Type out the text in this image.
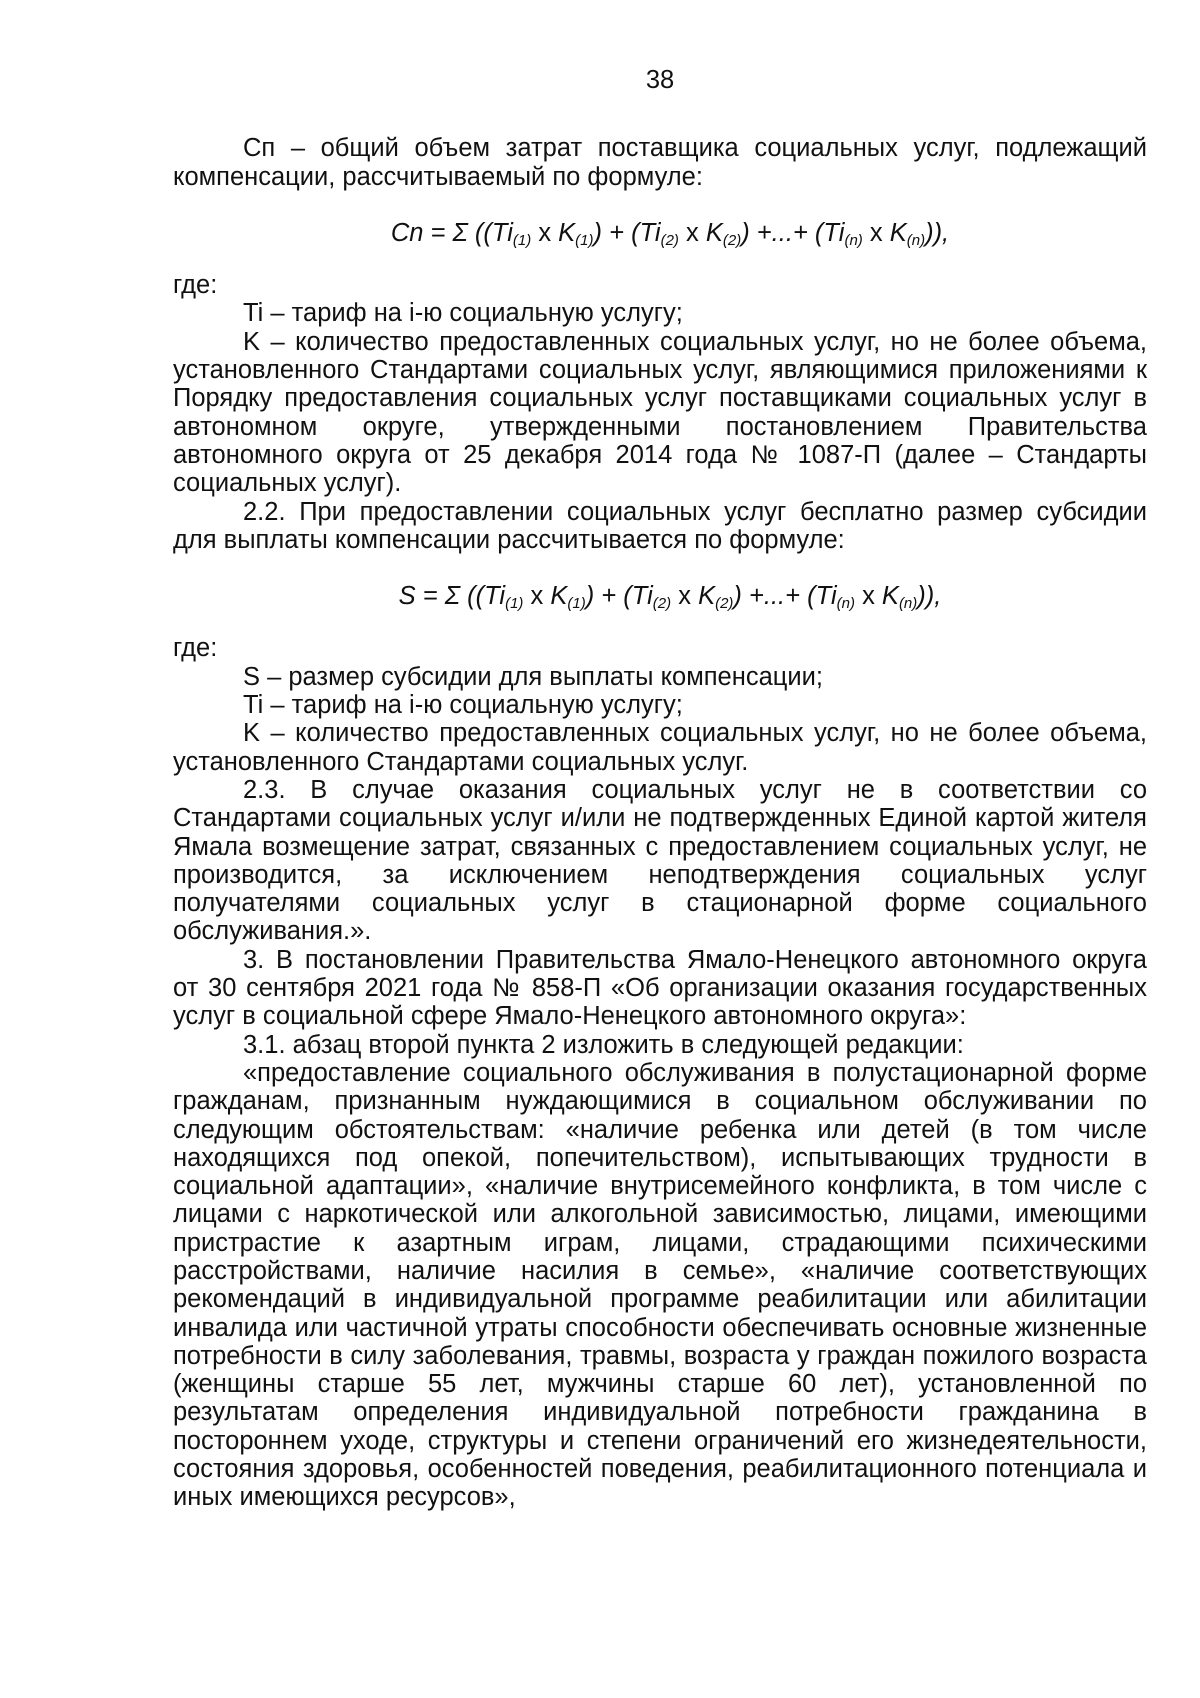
38

Сп – общий объем затрат поставщика социальных услуг, подлежащий компенсации, рассчитываемый по формуле:

Cn = Σ (($Ti_{(1)}$ x $K_{(1)}) + (Ti_{(2)}$ x $K_{(2)}$) +...+ ($Ti_{(n)}$ x $K_{(n)}$)),

где:

Ti – тариф на i-ю социальную услугу;

K – количество предоставленных социальных услуг, но не более объема, установленного Стандартами социальных услуг, являющимися приложениями к Порядку предоставления социальных услуг поставщиками социальных услуг в автономном округе, утвержденными постановлением Правительства автономного округа от 25 декабря 2014 года № 1087-П (далее – Стандарты социальных услуг).

2.2. При предоставлении социальных услуг бесплатно размер субсидии для выплаты компенсации рассчитывается по формуле:

S = Σ (($Ti_{(1)}$ x $K_{(1)}) + (Ti_{(2)}$ x $K_{(2)}$) +...+ ($Ti_{(n)}$ x $K_{(n)}$)),

где:

S – размер субсидии для выплаты компенсации;

Ti – тариф на i-ю социальную услугу;

K – количество предоставленных социальных услуг, но не более объема, установленного Стандартами социальных услуг.

2.3. В случае оказания социальных услуг не в соответствии со Стандартами социальных услуг и/или не подтвержденных Единой картой жителя Ямала возмещение затрат, связанных с предоставлением социальных услуг, не производится, за исключением неподтверждения социальных услуг получателями социальных услуг в стационарной форме социального обслуживания.».

3. В постановлении Правительства Ямало-Ненецкого автономного округа от 30 сентября 2021 года № 858-П «Об организации оказания государственных услуг в социальной сфере Ямало-Ненецкого автономного округа»:

3.1. абзац второй пункта 2 изложить в следующей редакции:

«предоставление социального обслуживания в полустационарной форме гражданам, признанным нуждающимися в социальном обслуживании по следующим обстоятельствам: «наличие ребенка или детей (в том числе находящихся под опекой, попечительством), испытывающих трудности в социальной адаптации», «наличие внутрисемейного конфликта, в том числе с лицами с наркотической или алкогольной зависимостью, лицами, имеющими пристрастие к азартным играм, лицами, страдающими психическими расстройствами, наличие насилия в семье», «наличие соответствующих рекомендаций в индивидуальной программе реабилитации или абилитации инвалида или частичной утраты способности обеспечивать основные жизненные потребности в силу заболевания, травмы, возраста у граждан пожилого возраста (женщины старше 55 лет, мужчины старше 60 лет), установленной по результатам определения индивидуальной потребности гражданина в постороннем уходе, структуры и степени ограничений его жизнедеятельности, состояния здоровья, особенностей поведения, реабилитационного потенциала и иных имеющихся ресурсов»,
